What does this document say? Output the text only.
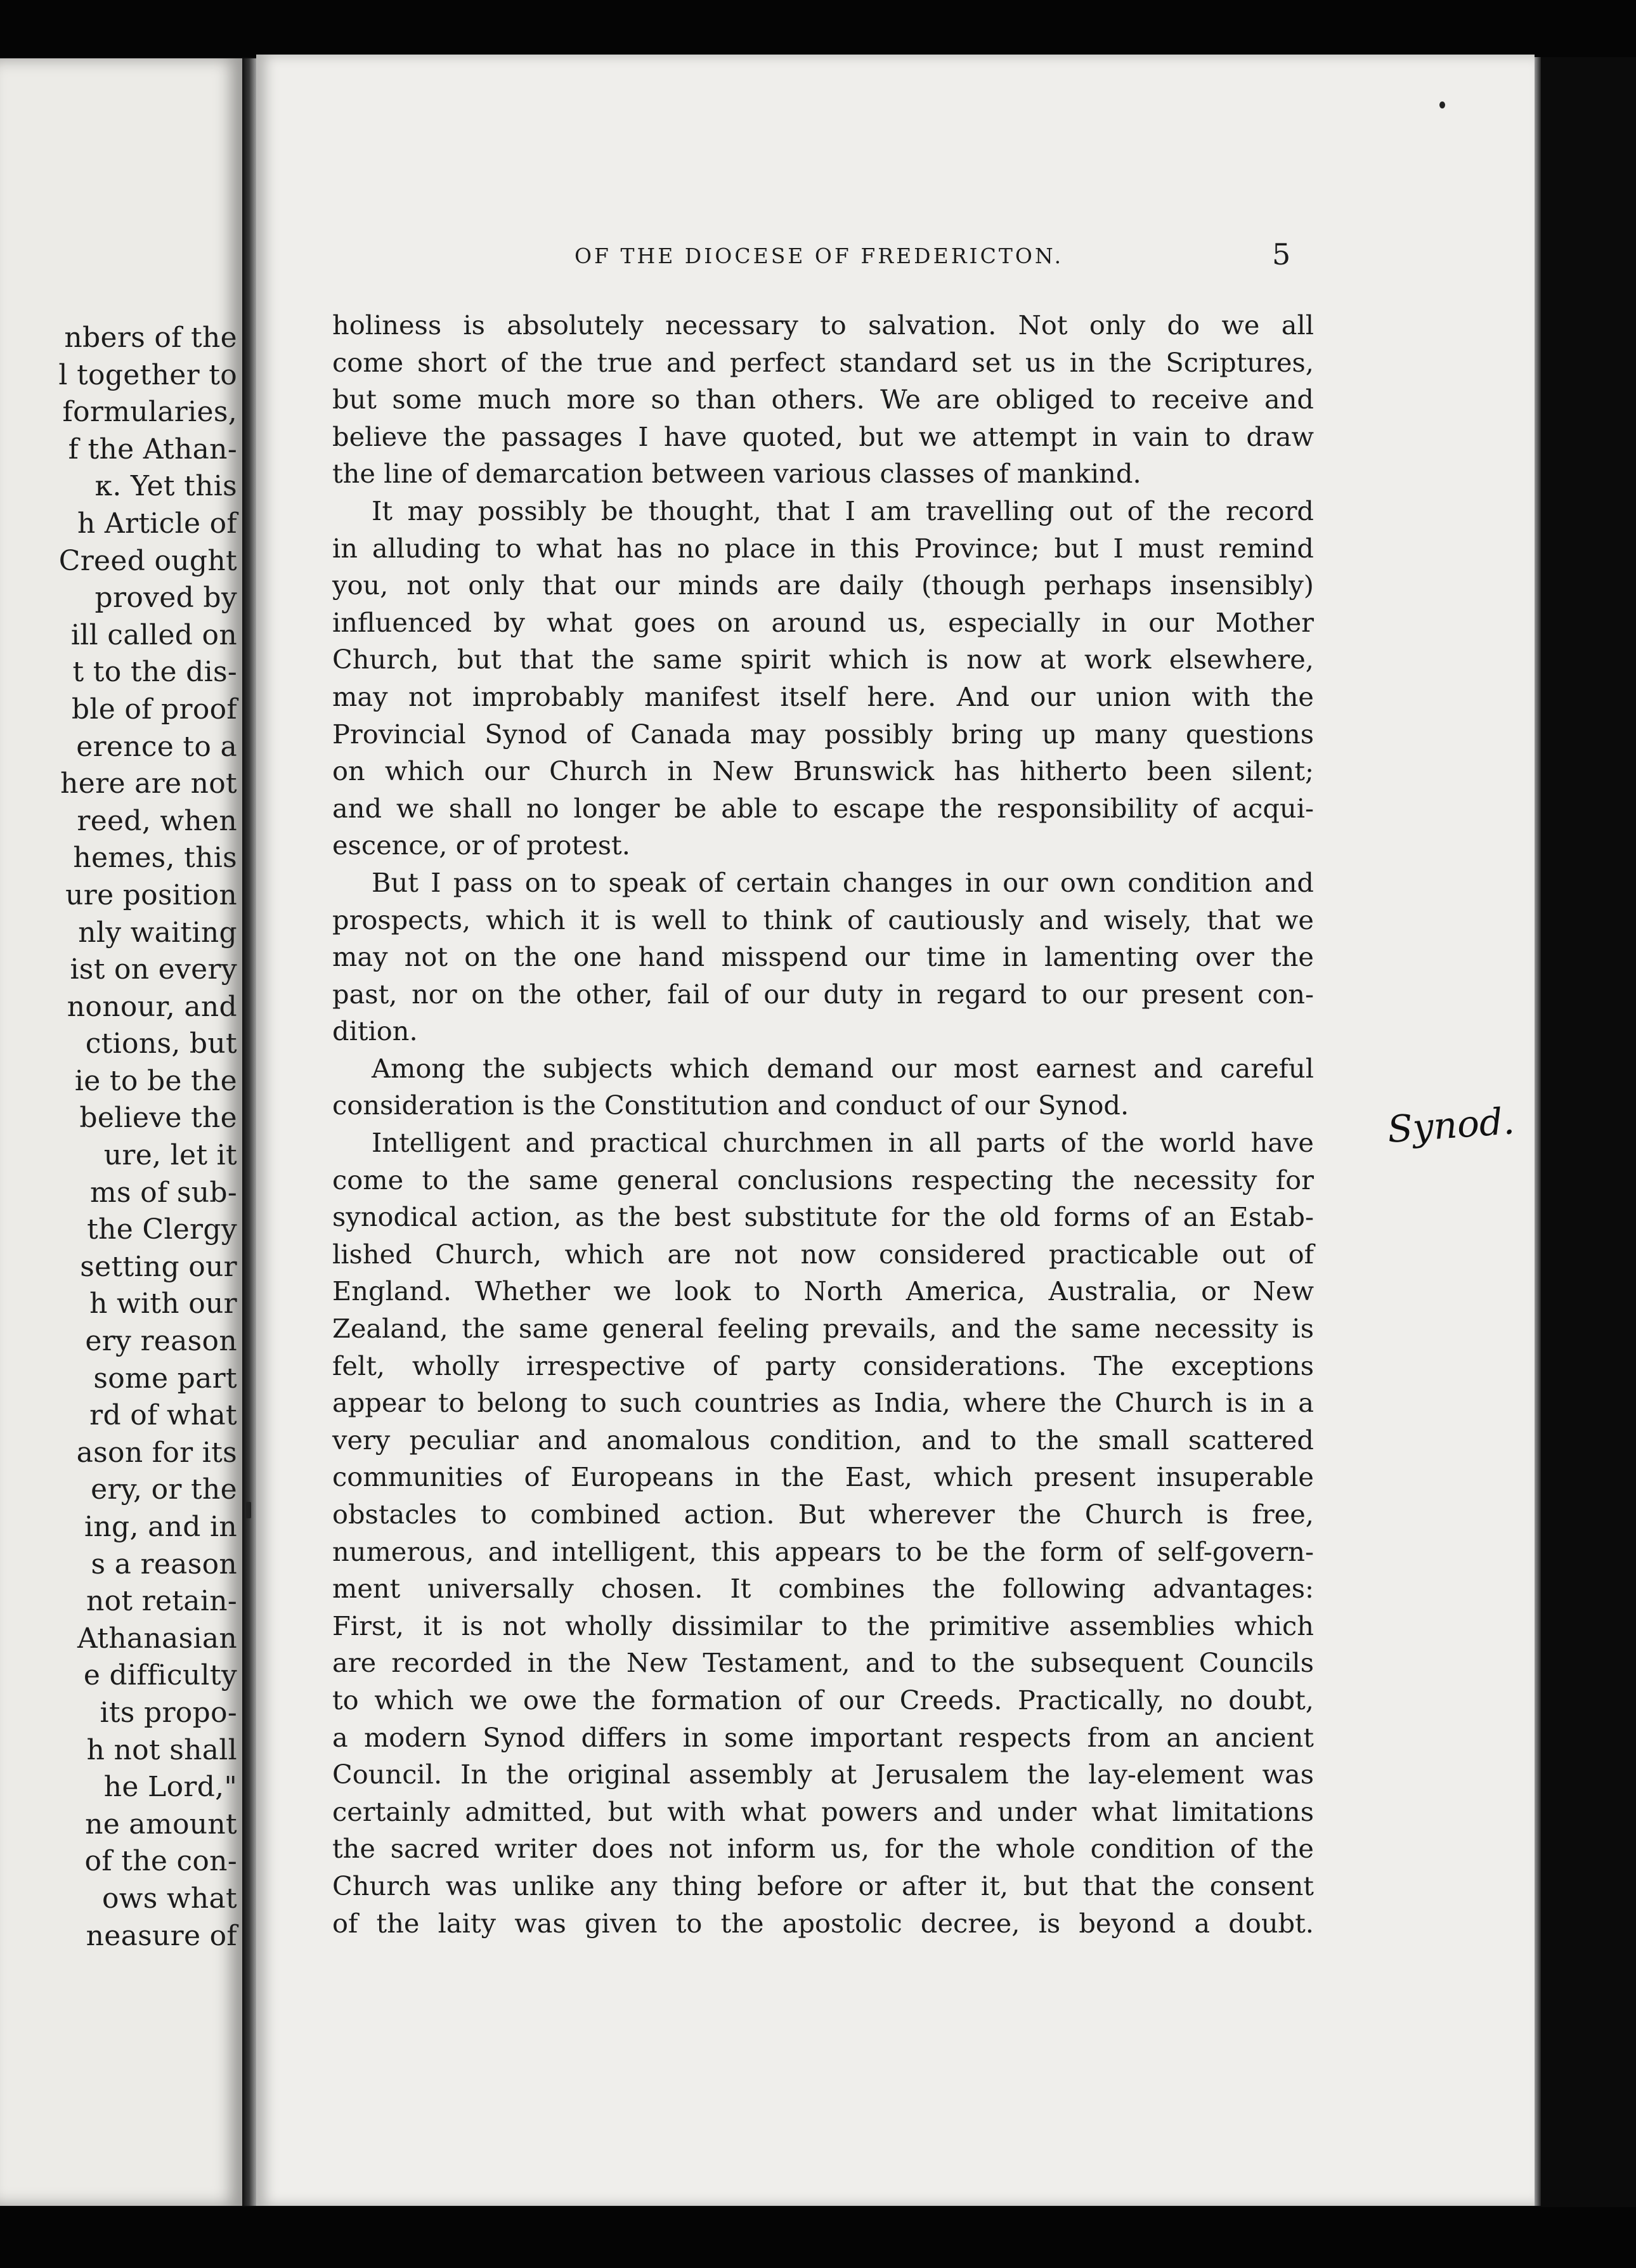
nbers of the
l together to
formularies,
f the Athan-
κ. Yet this
h Article of
Creed ought
proved by
ill called on
t to the dis-
ble of proof
erence to a
here are not
reed, when
hemes, this
ure position
nly waiting
ist on every
nonour, and
ctions, but
ie to be the
believe the
ure, let it
ms of sub-
the Clergy
setting our
h with our
ery reason
some part
rd of what
ason for its
ery, or the
ing, and in
s a reason
not retain-
Athanasian
e difficulty
its propo-
h not shall
he Lord,"
ne amount
of the con-
ows what
neasure of
OF THE DIOCESE OF FREDERICTON.	5
holiness is absolutely necessary to salvation. Not only do we all
come short of the true and perfect standard set us in the Scriptures,
but some much more so than others. We are obliged to receive and
believe the passages I have quoted, but we attempt in vain to draw
the line of demarcation between various classes of mankind.
It may possibly be thought, that I am travelling out of the record
in alluding to what has no place in this Province; but I must remind
you, not only that our minds are daily (though perhaps insensibly)
influenced by what goes on around us, especially in our Mother
Church, but that the same spirit which is now at work elsewhere,
may not improbably manifest itself here. And our union with the
Provincial Synod of Canada may possibly bring up many questions
on which our Church in New Brunswick has hitherto been silent;
and we shall no longer be able to escape the responsibility of acqui-
escence, or of protest.
But I pass on to speak of certain changes in our own condition and
prospects, which it is well to think of cautiously and wisely, that we
may not on the one hand misspend our time in lamenting over the
past, nor on the other, fail of our duty in regard to our present con-
dition.
Among the subjects which demand our most earnest and careful
consideration is the Constitution and conduct of our Synod.
Intelligent and practical churchmen in all parts of the world have
come to the same general conclusions respecting the necessity for
synodical action, as the best substitute for the old forms of an Estab-
lished Church, which are not now considered practicable out of
England. Whether we look to North America, Australia, or New
Zealand, the same general feeling prevails, and the same necessity is
felt, wholly irrespective of party considerations. The exceptions
appear to belong to such countries as India, where the Church is in a
very peculiar and anomalous condition, and to the small scattered
communities of Europeans in the East, which present insuperable
obstacles to combined action. But wherever the Church is free,
numerous, and intelligent, this appears to be the form of self-govern-
ment universally chosen. It combines the following advantages:
First, it is not wholly dissimilar to the primitive assemblies which
are recorded in the New Testament, and to the subsequent Councils
to which we owe the formation of our Creeds. Practically, no doubt,
a modern Synod differs in some important respects from an ancient
Council. In the original assembly at Jerusalem the lay-element was
certainly admitted, but with what powers and under what limitations
the sacred writer does not inform us, for the whole condition of the
Church was unlike any thing before or after it, but that the consent
of the laity was given to the apostolic decree, is beyond a doubt.
Synod.
